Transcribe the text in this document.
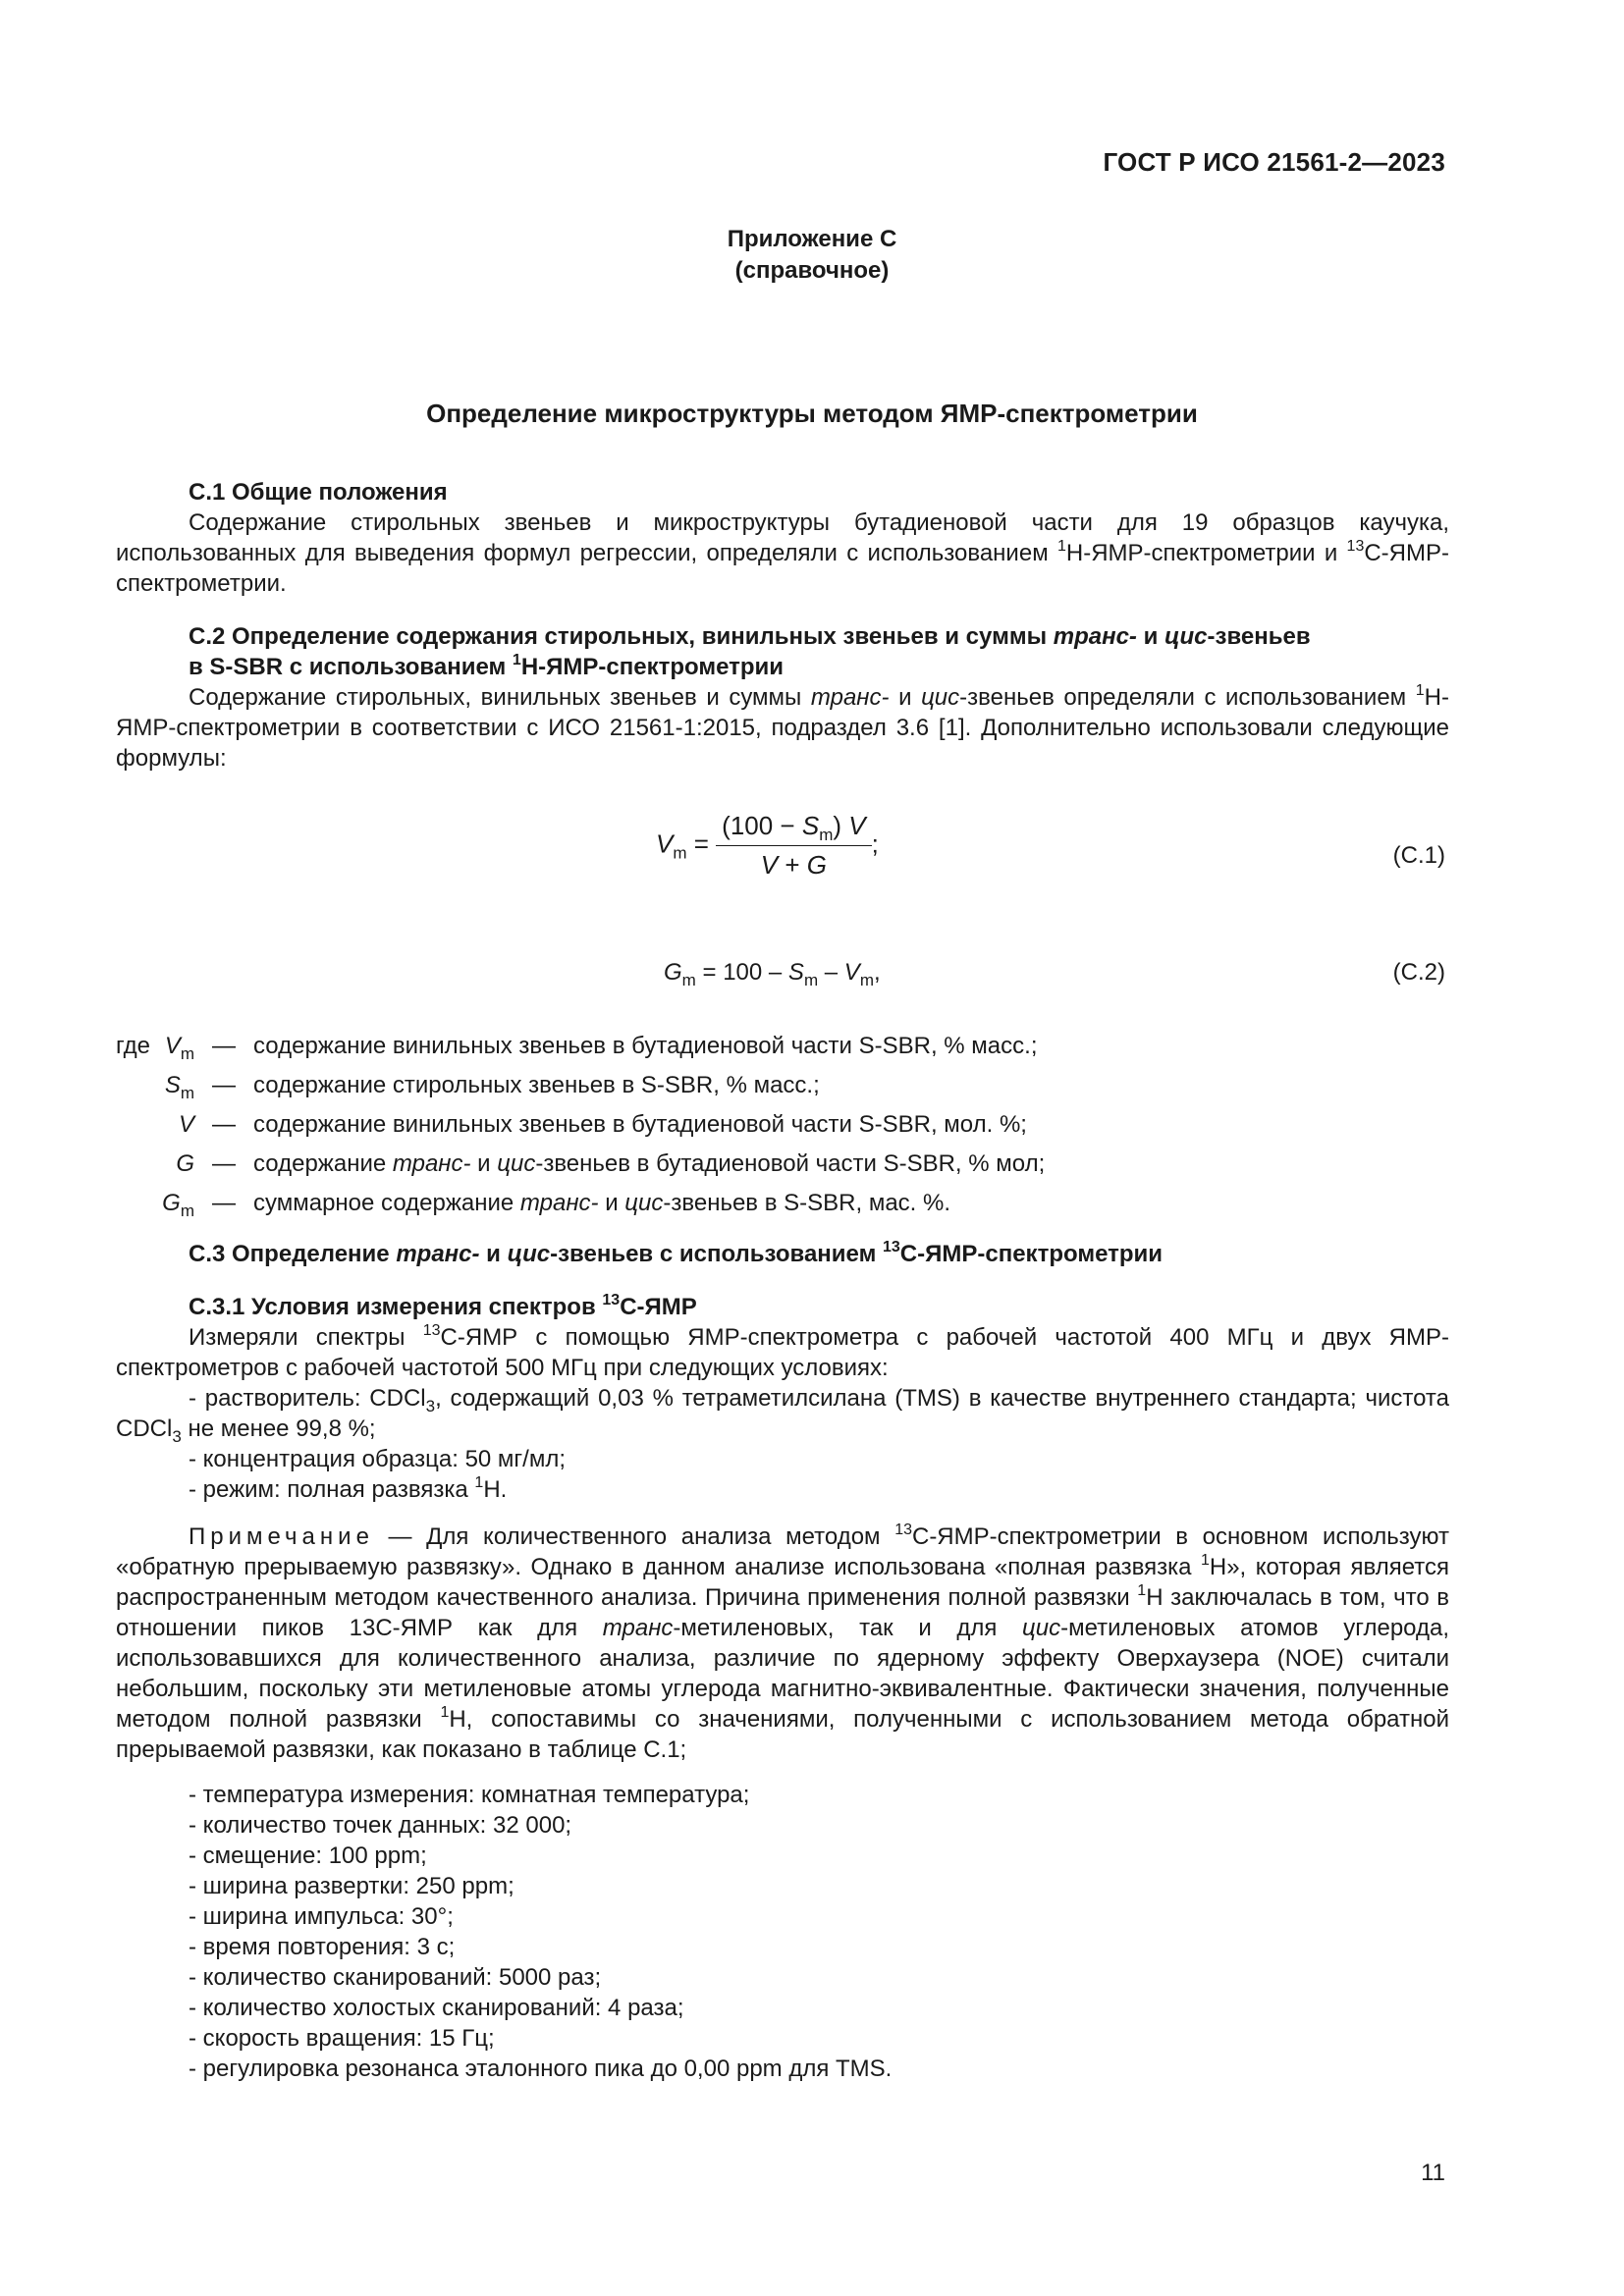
ГОСТ Р ИСО 21561-2—2023
Приложение С
(справочное)
Определение микроструктуры методом ЯМР-спектрометрии

С.1 Общие положения

Содержание стирольных звеньев и микроструктуры бутадиеновой части для 19 образцов каучука, использованных для выведения формул регрессии, определяли с использованием $^1$Н-ЯМР-спектрометрии и $^{13}$С-ЯМР-спектрометрии.

С.2 Определение содержания стирольных, винильных звеньев и суммы транс- и цис-звеньев

в S-SBR с использованием $^1$Н-ЯМР-спектрометрии

Содержание стирольных, винильных звеньев и суммы транс- и цис-звеньев определяли с использованием $^1$Н-ЯМР-спектрометрии в соответствии с ИСО 21561-1:2015, подраздел 3.6 [1]. Дополнительно использовали следующие формулы:

$V_m = \frac{(100 - S_m) V}{V + G}$ ;	(С.1)
$G_m = 100 - S_m - V_m$,	(С.2)
где $V_m$ — содержание винильных звеньев в бутадиеновой части S-SBR, % масс.;
$S_m$ — содержание стирольных звеньев в S-SBR, % масс.;
V — содержание винильных звеньев в бутадиеновой части S-SBR, мол. %;
G — содержание транс- и цис-звеньев в бутадиеновой части S-SBR, % мол;
$G_m$ — суммарное содержание транс- и цис-звеньев в S-SBR, мас. %.

С.3 Определение транс- и цис-звеньев с использованием $^{13}$С-ЯМР-спектрометрии

С.3.1 Условия измерения спектров $^{13}$С-ЯМР

Измеряли спектры $^{13}$С-ЯМР с помощью ЯМР-спектрометра с рабочей частотой 400 МГц и двух ЯМР-спектрометров с рабочей частотой 500 МГц при следующих условиях:

- растворитель: CDCl$_3$, содержащий 0,03 % тетраметилсилана (TMS) в качестве внутреннего стандарта; чистота CDCl$_3$ не менее 99,8 %;

- концентрация образца: 50 мг/мл;

- режим: полная развязка $^1$Н.

Примечание — Для количественного анализа методом $^{13}$С-ЯМР-спектрометрии в основном используют «обратную прерываемую развязку». Однако в данном анализе использована «полная развязка $^1$Н», которая является распространенным методом качественного анализа. Причина применения полной развязки $^1$Н заключалась в том, что в отношении пиков 13С-ЯМР как для транс-метиленовых, так и для цис-метиленовых атомов углерода, использовавшихся для количественного анализа, различие по ядерному эффекту Оверхаузера (NOE) считали небольшим, поскольку эти метиленовые атомы углерода магнитно-эквивалентные. Фактически значения, полученные методом полной развязки $^1$Н, сопоставимы со значениями, полученными с использованием метода обратной прерываемой развязки, как показано в таблице С.1;

- температура измерения: комнатная температура;
- количество точек данных: 32 000;
- смещение: 100 ppm;
- ширина развертки: 250 ppm;
- ширина импульса: 30°;
- время повторения: 3 с;
- количество сканирований: 5000 раз;
- количество холостых сканирований: 4 раза;
- скорость вращения: 15 Гц;
- регулировка резонанса эталонного пика до 0,00 ppm для TMS.
11
